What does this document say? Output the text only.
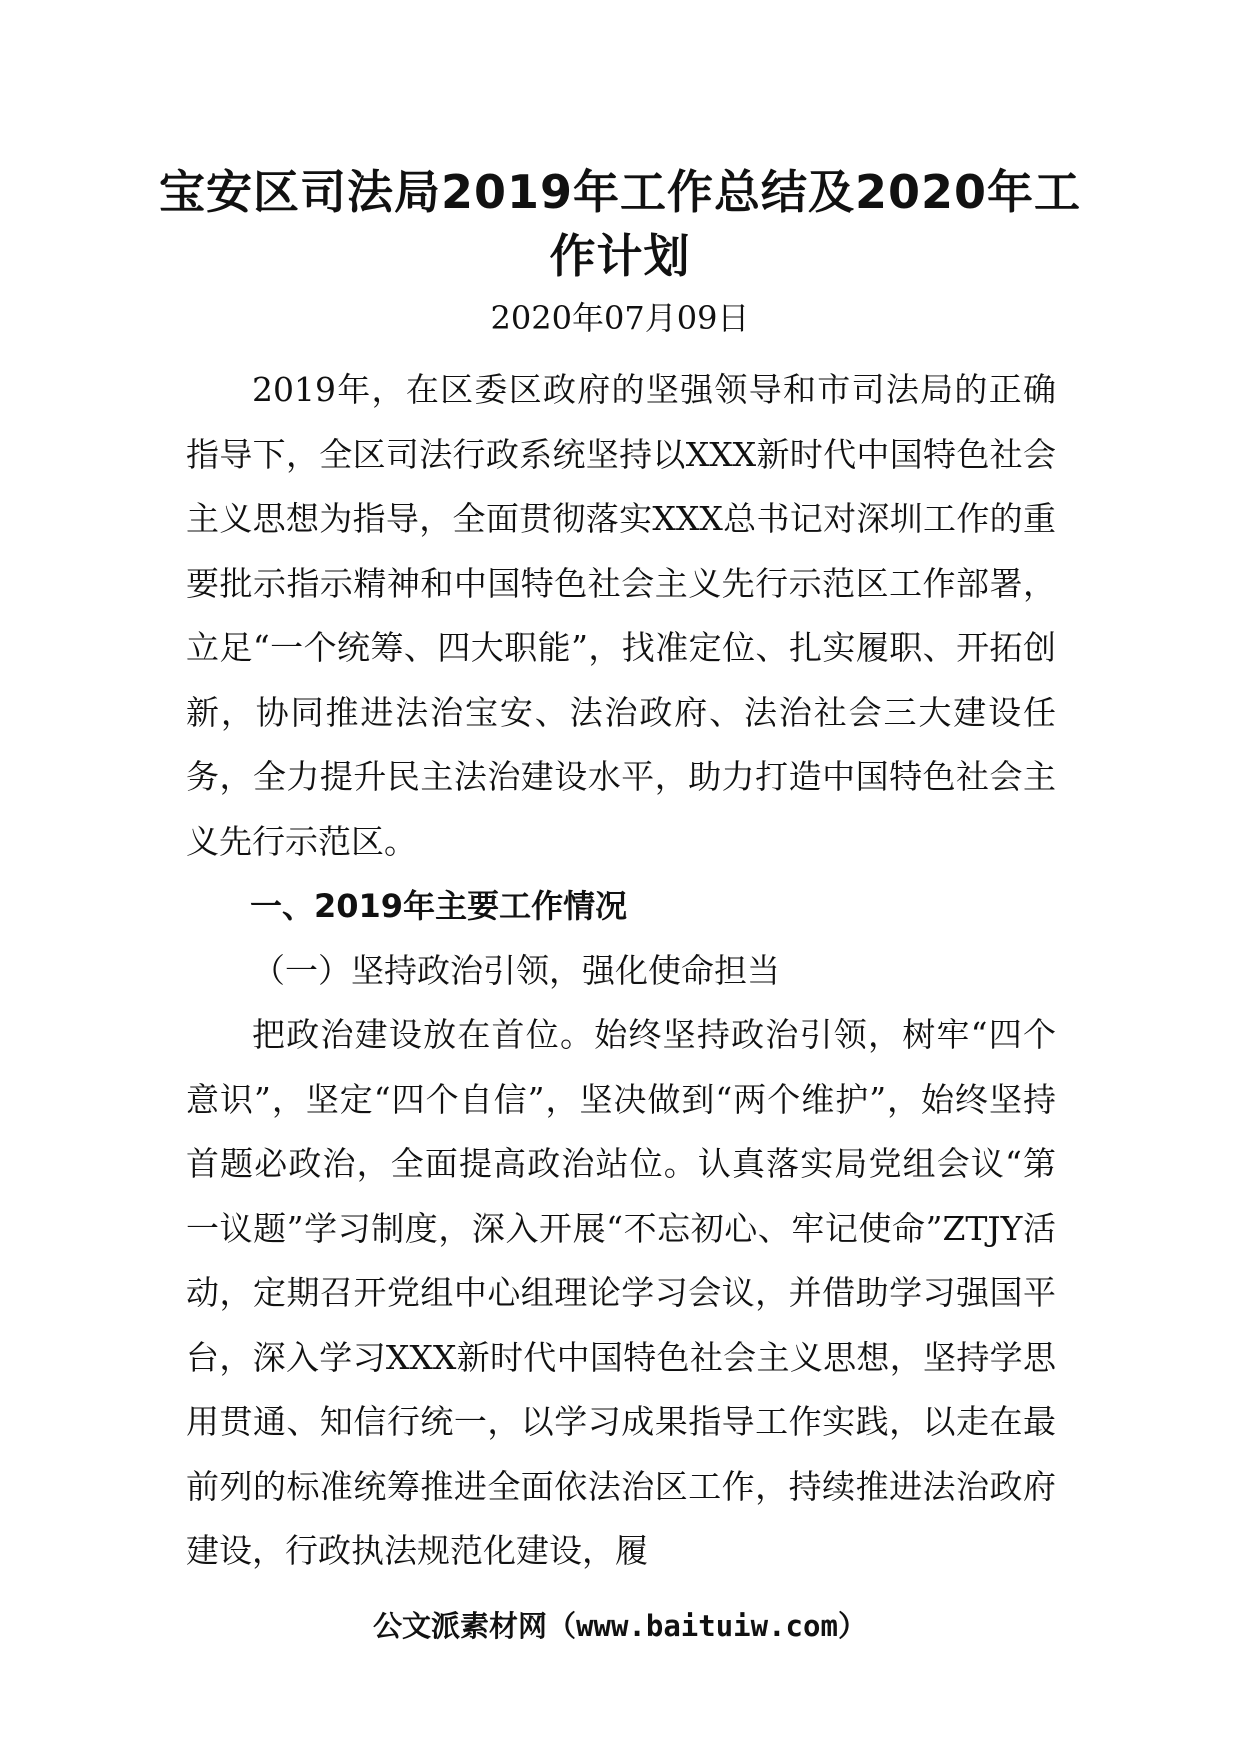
宝安区司法局2019年工作总结及2020年工作计划
2020年07月09日

2019年，在区委区政府的坚强领导和市司法局的正确指导下，全区司法行政系统坚持以XXX新时代中国特色社会主义思想为指导，全面贯彻落实XXX总书记对深圳工作的重要批示指示精神和中国特色社会主义先行示范区工作部署，立足“一个统筹、四大职能”，找准定位、扎实履职、开拓创新，协同推进法治宝安、法治政府、法治社会三大建设任务，全力提升民主法治建设水平，助力打造中国特色社会主义先行示范区。

一、2019年主要工作情况

（一）坚持政治引领，强化使命担当

把政治建设放在首位。始终坚持政治引领，树牢“四个意识”，坚定“四个自信”，坚决做到“两个维护”，始终坚持首题必政治，全面提高政治站位。认真落实局党组会议“第一议题”学习制度，深入开展“不忘初心、牢记使命”ZTJY活动，定期召开党组中心组理论学习会议，并借助学习强国平台，深入学习XXX新时代中国特色社会主义思想，坚持学思用贯通、知信行统一，以学习成果指导工作实践，以走在最前列的标准统筹推进全面依法治区工作，持续推进法治政府建设，行政执法规范化建设，履

公文派素材网（www.baituiw.com）
